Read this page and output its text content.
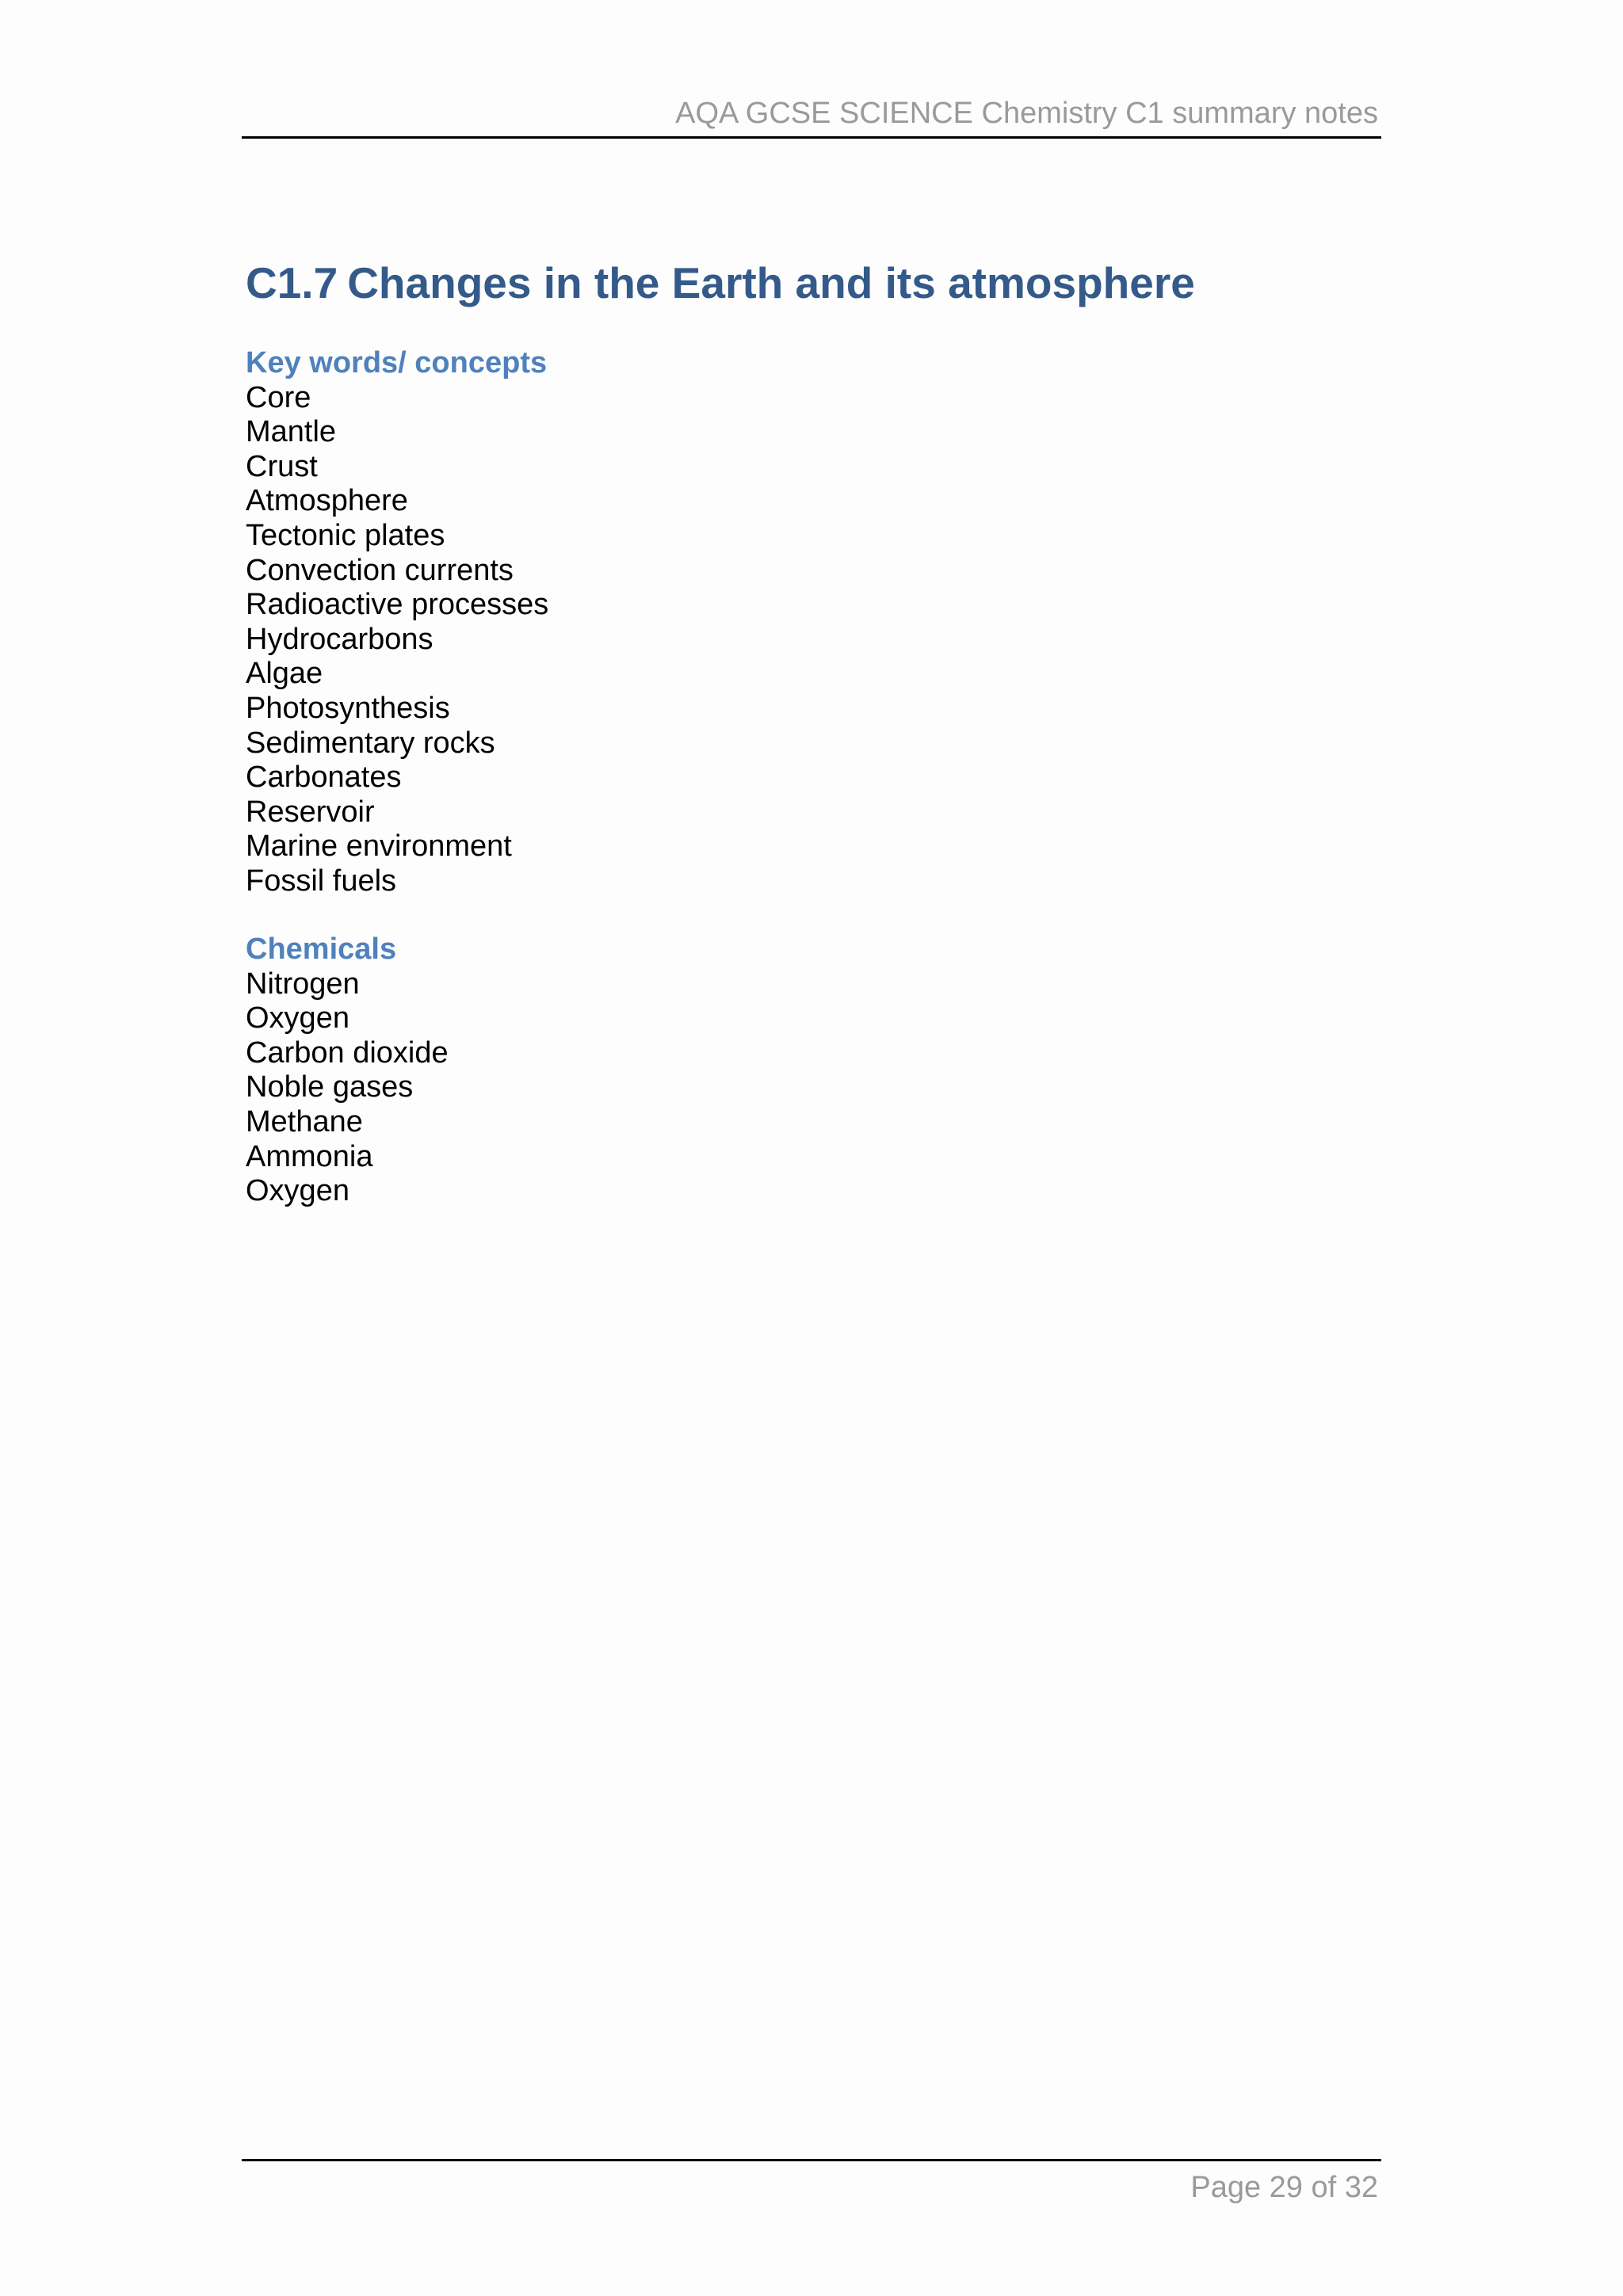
AQA GCSE SCIENCE Chemistry C1 summary notes
C1.7 Changes in the Earth and its atmosphere
Key words/ concepts
Core
Mantle
Crust
Atmosphere
Tectonic plates
Convection currents
Radioactive processes
Hydrocarbons
Algae
Photosynthesis
Sedimentary rocks
Carbonates
Reservoir
Marine environment
Fossil fuels
Chemicals
Nitrogen
Oxygen
Carbon dioxide
Noble gases
Methane
Ammonia
Oxygen
Page 29 of 32
